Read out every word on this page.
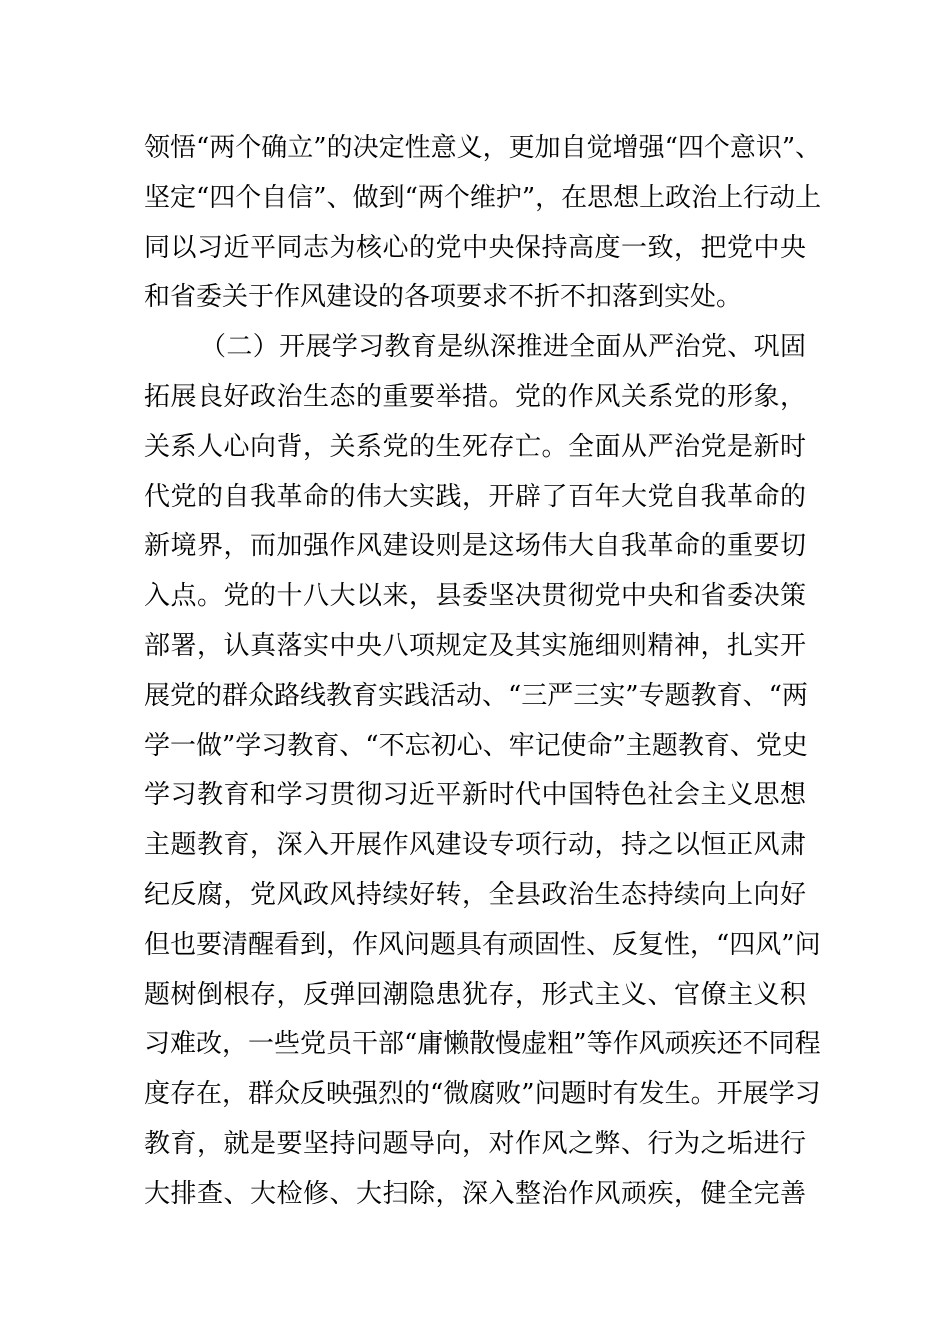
领悟“两个确立”的决定性意义，更加自觉增强“四个意识”、
坚定“四个自信”、做到“两个维护”，在思想上政治上行动上
同以习近平同志为核心的党中央保持高度一致，把党中央
和省委关于作风建设的各项要求不折不扣落到实处。
（二）开展学习教育是纵深推进全面从严治党、巩固
拓展良好政治生态的重要举措。党的作风关系党的形象，
关系人心向背，关系党的生死存亡。全面从严治党是新时
代党的自我革命的伟大实践，开辟了百年大党自我革命的
新境界，而加强作风建设则是这场伟大自我革命的重要切
入点。党的十八大以来，县委坚决贯彻党中央和省委决策
部署，认真落实中央八项规定及其实施细则精神，扎实开
展党的群众路线教育实践活动、“三严三实”专题教育、“两
学一做”学习教育、“不忘初心、牢记使命”主题教育、党史
学习教育和学习贯彻习近平新时代中国特色社会主义思想
主题教育，深入开展作风建设专项行动，持之以恒正风肃
纪反腐，党风政风持续好转，全县政治生态持续向上向好
但也要清醒看到，作风问题具有顽固性、反复性，“四风”问
题树倒根存，反弹回潮隐患犹存，形式主义、官僚主义积
习难改，一些党员干部“庸懒散慢虚粗”等作风顽疾还不同程
度存在，群众反映强烈的“微腐败”问题时有发生。开展学习
教育，就是要坚持问题导向，对作风之弊、行为之垢进行
大排查、大检修、大扫除，深入整治作风顽疾，健全完善
